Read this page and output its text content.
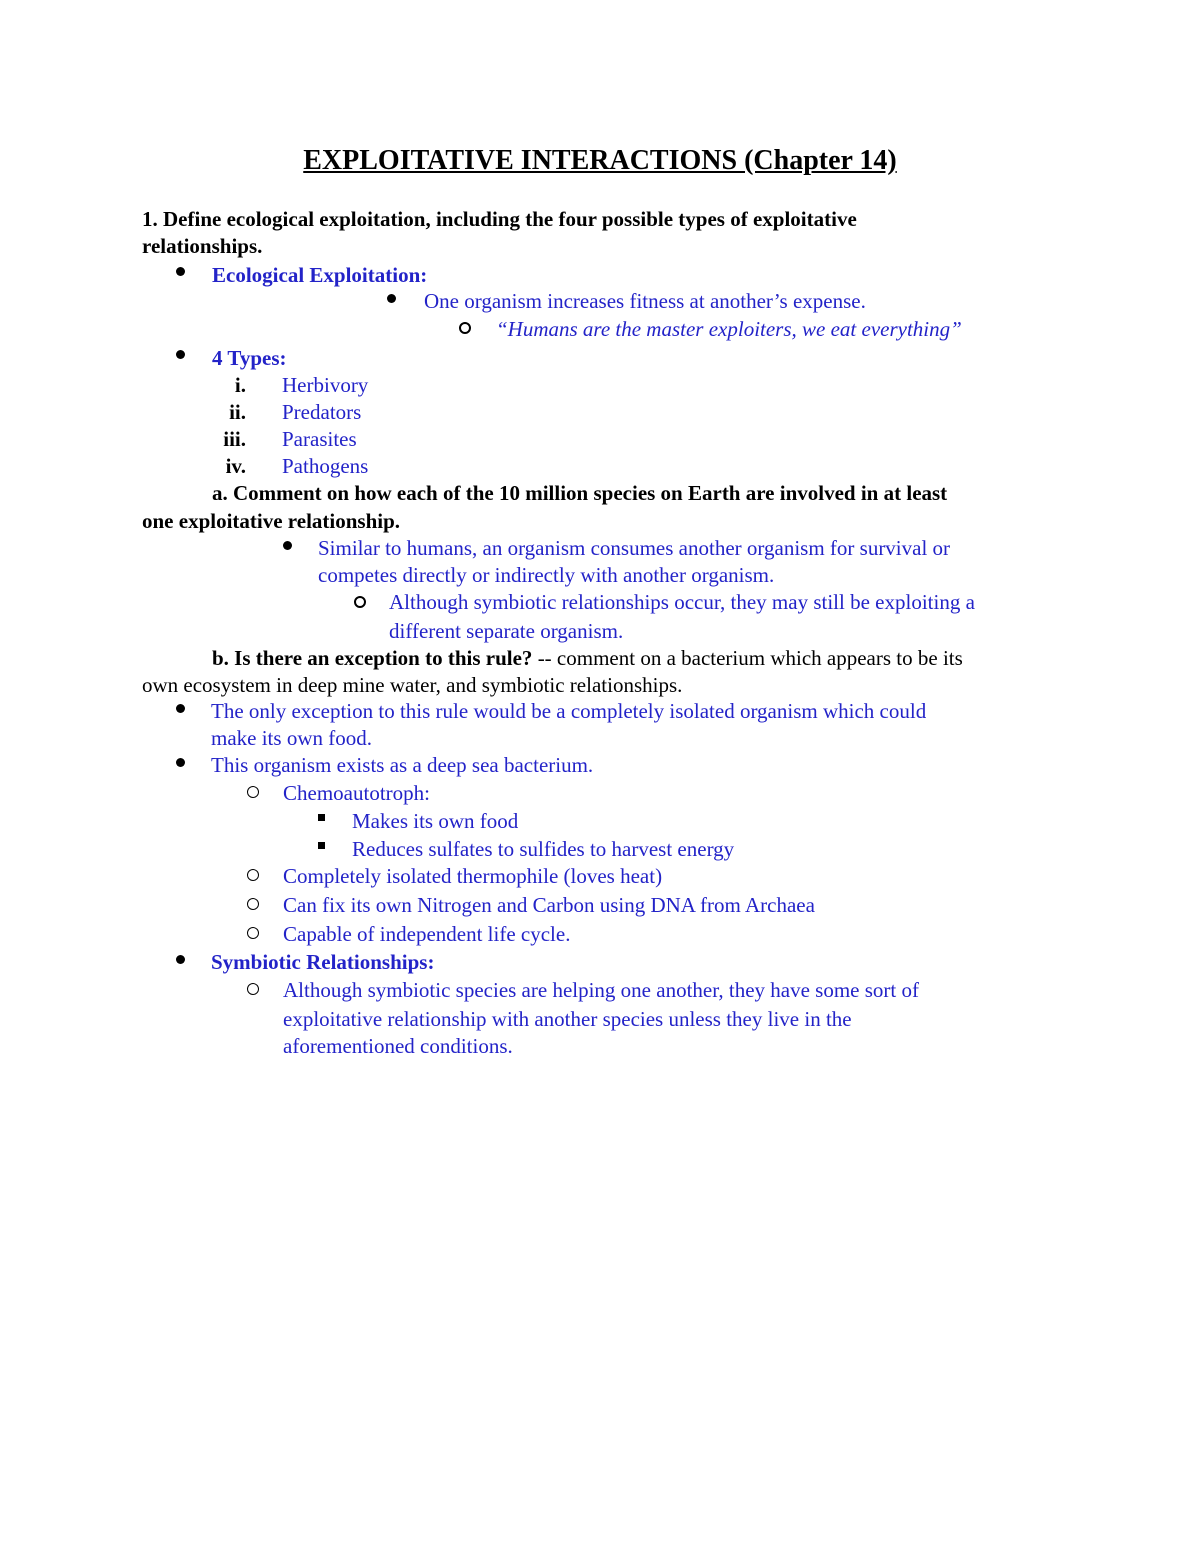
EXPLOITATIVE INTERACTIONS (Chapter 14)
1. Define ecological exploitation, including the four possible types of exploitative
relationships.
Ecological Exploitation:
One organism increases fitness at another’s expense.
“Humans are the master exploiters, we eat everything”
4 Types:
i. Herbivory
ii. Predators
iii. Parasites
iv. Pathogens
a. Comment on how each of the 10 million species on Earth are involved in at least
one exploitative relationship.
Similar to humans, an organism consumes another organism for survival or
competes directly or indirectly with another organism.
Although symbiotic relationships occur, they may still be exploiting a
different separate organism.
b. Is there an exception to this rule? -- comment on a bacterium which appears to be its
own ecosystem in deep mine water, and symbiotic relationships.
The only exception to this rule would be a completely isolated organism which could
make its own food.
This organism exists as a deep sea bacterium.
Chemoautotroph:
Makes its own food
Reduces sulfates to sulfides to harvest energy
Completely isolated thermophile (loves heat)
Can fix its own Nitrogen and Carbon using DNA from Archaea
Capable of independent life cycle.
Symbiotic Relationships:
Although symbiotic species are helping one another, they have some sort of
exploitative relationship with another species unless they live in the
aforementioned conditions.
